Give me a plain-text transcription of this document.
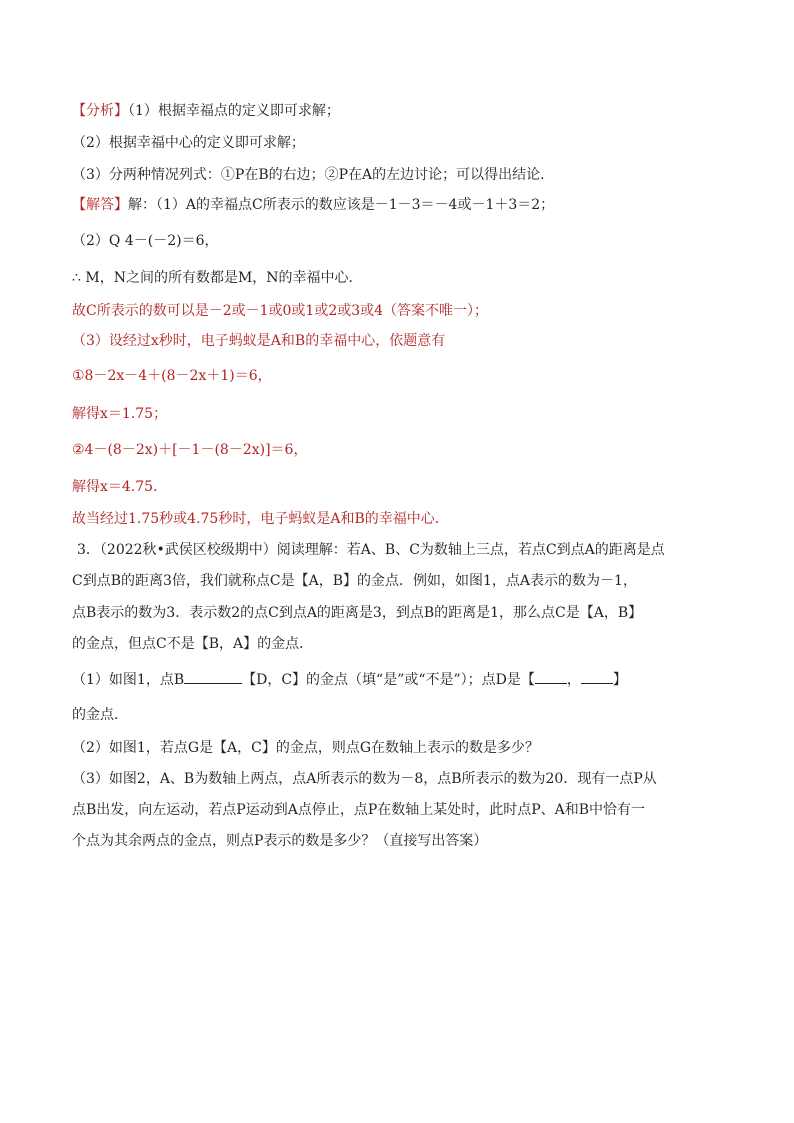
【分析】（1）根据幸福点的定义即可求解；
（2）根据幸福中心的定义即可求解；
（3）分两种情况列式：①P在B的右边；②P在A的左边讨论；可以得出结论．
【解答】解：（1）A的幸福点C所表示的数应该是－1－3＝－4或－1＋3＝2；
（2）Q 4－(－2)＝6，
∴ M，N之间的所有数都是M，N的幸福中心．
故C所表示的数可以是－2或－1或0或1或2或3或4（答案不唯一）；
（3）设经过x秒时，电子蚂蚁是A和B的幸福中心，依题意有
①8－2x－4＋(8－2x＋1)＝6，
解得x＝1.75；
②4－(8－2x)＋[－1－(8－2x)]＝6，
解得x＝4.75．
故当经过1.75秒或4.75秒时，电子蚂蚁是A和B的幸福中心．
3．（2022秋•武侯区校级期中）阅读理解：若A、B、C为数轴上三点，若点C到点A的距离是点
C到点B的距离3倍，我们就称点C是【A，B】的金点．例如，如图1，点A表示的数为－1，
点B表示的数为3．表示数2的点C到点A的距离是3，到点B的距离是1，那么点C是【A，B】
的金点，但点C不是【B，A】的金点．
（1）如图1，点B	【D，C】的金点（填“是”或“不是”）；点D是【 ， 】
的金点．
（2）如图1，若点G是【A，C】的金点，则点G在数轴上表示的数是多少？
（3）如图2，A、B为数轴上两点，点A所表示的数为－8，点B所表示的数为20．现有一点P从
点B出发，向左运动，若点P运动到A点停止，点P在数轴上某处时，此时点P、A和B中恰有一
个点为其余两点的金点，则点P表示的数是多少？（直接写出答案）
